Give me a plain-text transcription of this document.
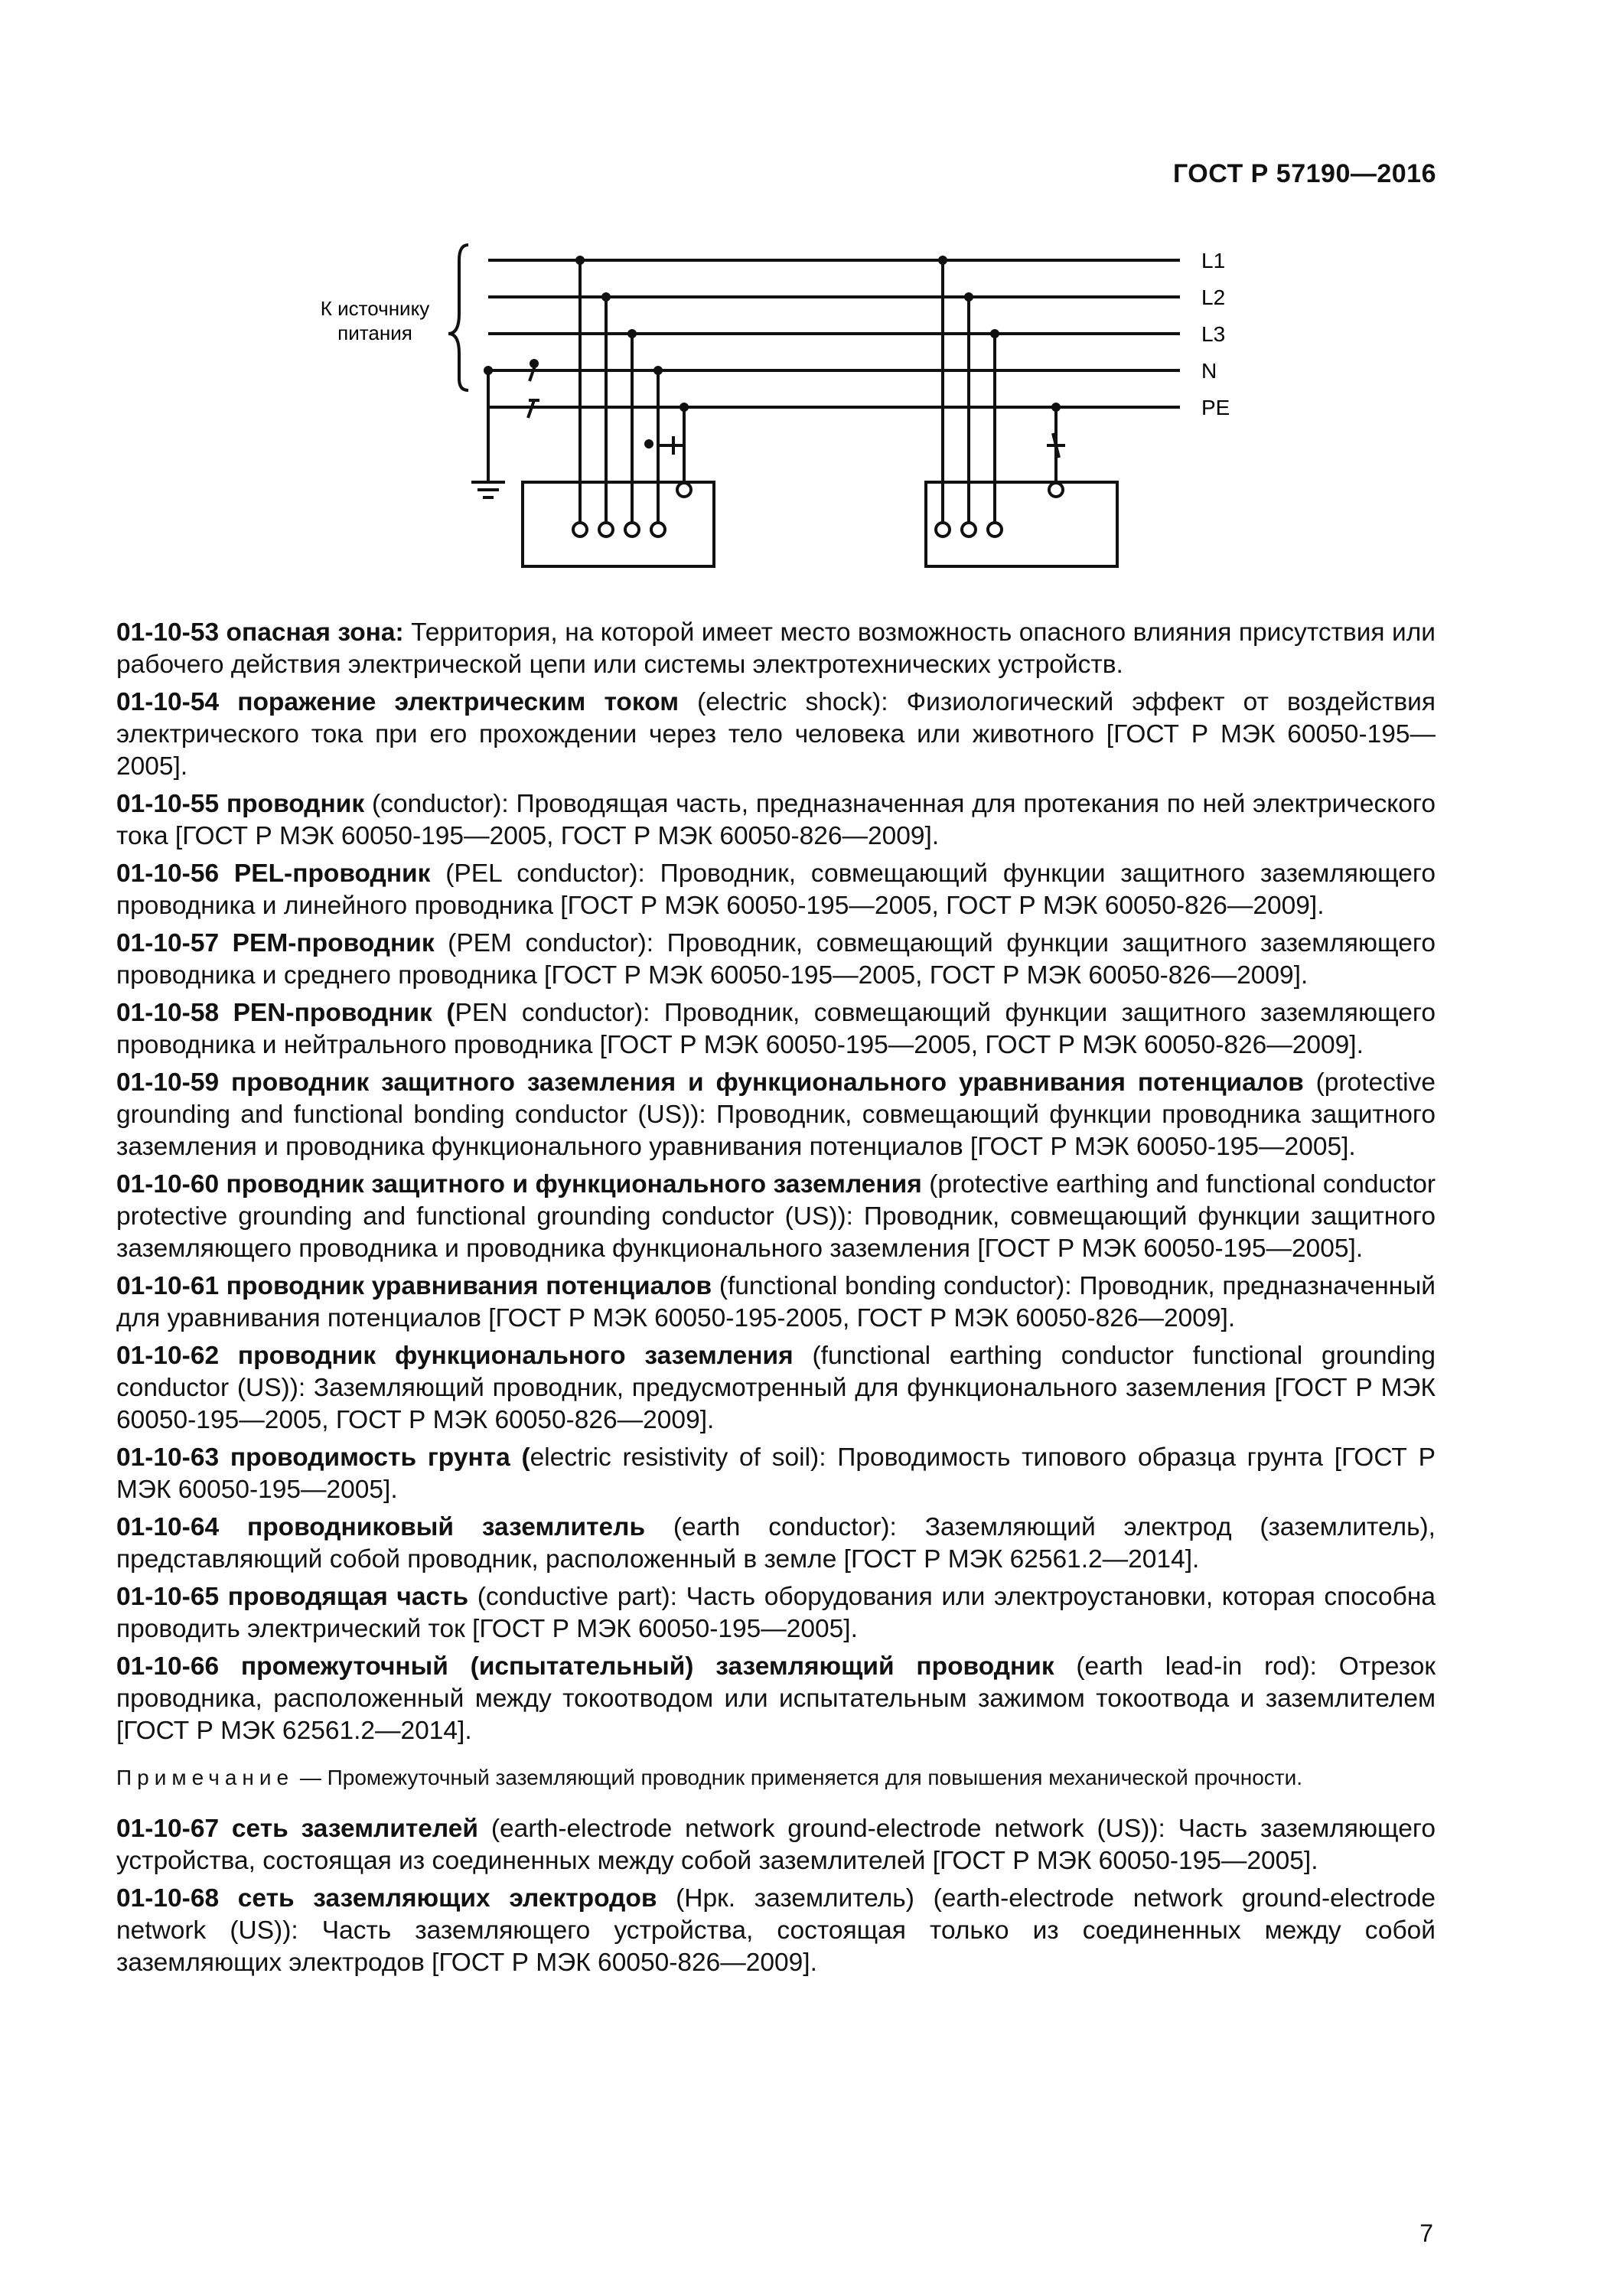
ГОСТ Р 57190—2016
К источнику
питания
L1
L2
L3
N
PE

01-10-53 опасная зона: Территория, на которой имеет место возможность опасного влияния присутствия или рабочего действия электрической цепи или системы электротехнических устройств.

01-10-54 поражение электрическим током (electric shock): Физиологический эффект от воздействия электрического тока при его прохождении через тело человека или животного [ГОСТ Р МЭК 60050-195—2005].

01-10-55 проводник (conductor): Проводящая часть, предназначенная для протекания по ней электрического тока [ГОСТ Р МЭК 60050-195—2005, ГОСТ Р МЭК 60050-826—2009].

01-10-56 PEL-проводник (PEL conductor): Проводник, совмещающий функции защитного заземляющего проводника и линейного проводника [ГОСТ Р МЭК 60050-195—2005, ГОСТ Р МЭК 60050-826—2009].

01-10-57 PEM-проводник (PEM conductor): Проводник, совмещающий функции защитного заземляющего проводника и среднего проводника [ГОСТ Р МЭК 60050-195—2005, ГОСТ Р МЭК 60050-826—2009].

01-10-58 PEN-проводник (PEN conductor): Проводник, совмещающий функции защитного заземляющего проводника и нейтрального проводника [ГОСТ Р МЭК 60050-195—2005, ГОСТ Р МЭК 60050-826—2009].

01-10-59 проводник защитного заземления и функционального уравнивания потенциалов (protective grounding and functional bonding conductor (US)): Проводник, совмещающий функции проводника защитного заземления и проводника функционального уравнивания потенциалов [ГОСТ Р МЭК 60050-195—2005].

01-10-60 проводник защитного и функционального заземления (protective earthing and functional conductor protective grounding and functional grounding conductor (US)): Проводник, совмещающий функции защитного заземляющего проводника и проводника функционального заземления [ГОСТ Р МЭК 60050-195—2005].

01-10-61 проводник уравнивания потенциалов (functional bonding conductor): Проводник, предназначенный для уравнивания потенциалов [ГОСТ Р МЭК 60050-195-2005, ГОСТ Р МЭК 60050-826—2009].

01-10-62 проводник функционального заземления (functional earthing conductor functional grounding conductor (US)): Заземляющий проводник, предусмотренный для функционального заземления [ГОСТ Р МЭК 60050-195—2005, ГОСТ Р МЭК 60050-826—2009].

01-10-63 проводимость грунта (electric resistivity of soil): Проводимость типового образца грунта [ГОСТ Р МЭК 60050-195—2005].

01-10-64 проводниковый заземлитель (earth conductor): Заземляющий электрод (заземлитель), представляющий собой проводник, расположенный в земле [ГОСТ Р МЭК 62561.2—2014].

01-10-65 проводящая часть (conductive part): Часть оборудования или электроустановки, которая способна проводить электрический ток [ГОСТ Р МЭК 60050-195—2005].

01-10-66 промежуточный (испытательный) заземляющий проводник (earth lead-in rod): Отрезок проводника, расположенный между токоотводом или испытательным зажимом токоотвода и заземлителем [ГОСТ Р МЭК 62561.2—2014].

Примечание — Промежуточный заземляющий проводник применяется для повышения механической прочности.

01-10-67 сеть заземлителей (earth-electrode network ground-electrode network (US)): Часть заземляющего устройства, состоящая из соединенных между собой заземлителей [ГОСТ Р МЭК 60050-195—2005].

01-10-68 сеть заземляющих электродов (Нрк. заземлитель) (earth-electrode network ground-electrode network (US)): Часть заземляющего устройства, состоящая только из соединенных между собой заземляющих электродов [ГОСТ Р МЭК 60050-826—2009].

7
